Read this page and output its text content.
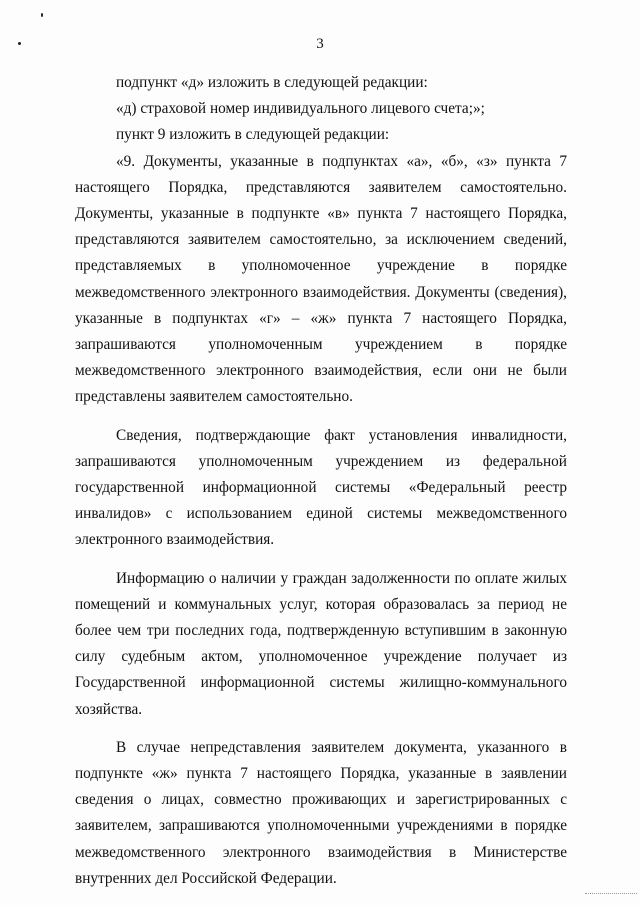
3

подпункт «д» изложить в следующей редакции:

«д) страховой номер индивидуального лицевого счета;»;

пункт 9 изложить в следующей редакции:

«9. Документы, указанные в подпунктах «а», «б», «з» пункта 7 настоящего Порядка, представляются заявителем самостоятельно. Документы, указанные в подпункте «в» пункта 7 настоящего Порядка, представляются заявителем самостоятельно, за исключением сведений, представляемых в уполномоченное учреждение в порядке межведомственного электронного взаимодействия. Документы (сведения), указанные в подпунктах «г» – «ж» пункта 7 настоящего Порядка, запрашиваются уполномоченным учреждением в порядке межведомственного электронного взаимодействия, если они не были представлены заявителем самостоятельно.

Сведения, подтверждающие факт установления инвалидности, запрашиваются уполномоченным учреждением из федеральной государственной информационной системы «Федеральный реестр инвалидов» с использованием единой системы межведомственного электронного взаимодействия.

Информацию о наличии у граждан задолженности по оплате жилых помещений и коммунальных услуг, которая образовалась за период не более чем три последних года, подтвержденную вступившим в законную силу судебным актом, уполномоченное учреждение получает из Государственной информационной системы жилищно-коммунального хозяйства.

В случае непредставления заявителем документа, указанного в подпункте «ж» пункта 7 настоящего Порядка, указанные в заявлении сведения о лицах, совместно проживающих и зарегистрированных с заявителем, запрашиваются уполномоченными учреждениями в порядке межведомственного электронного взаимодействия в Министерстве внутренних дел Российской Федерации.
